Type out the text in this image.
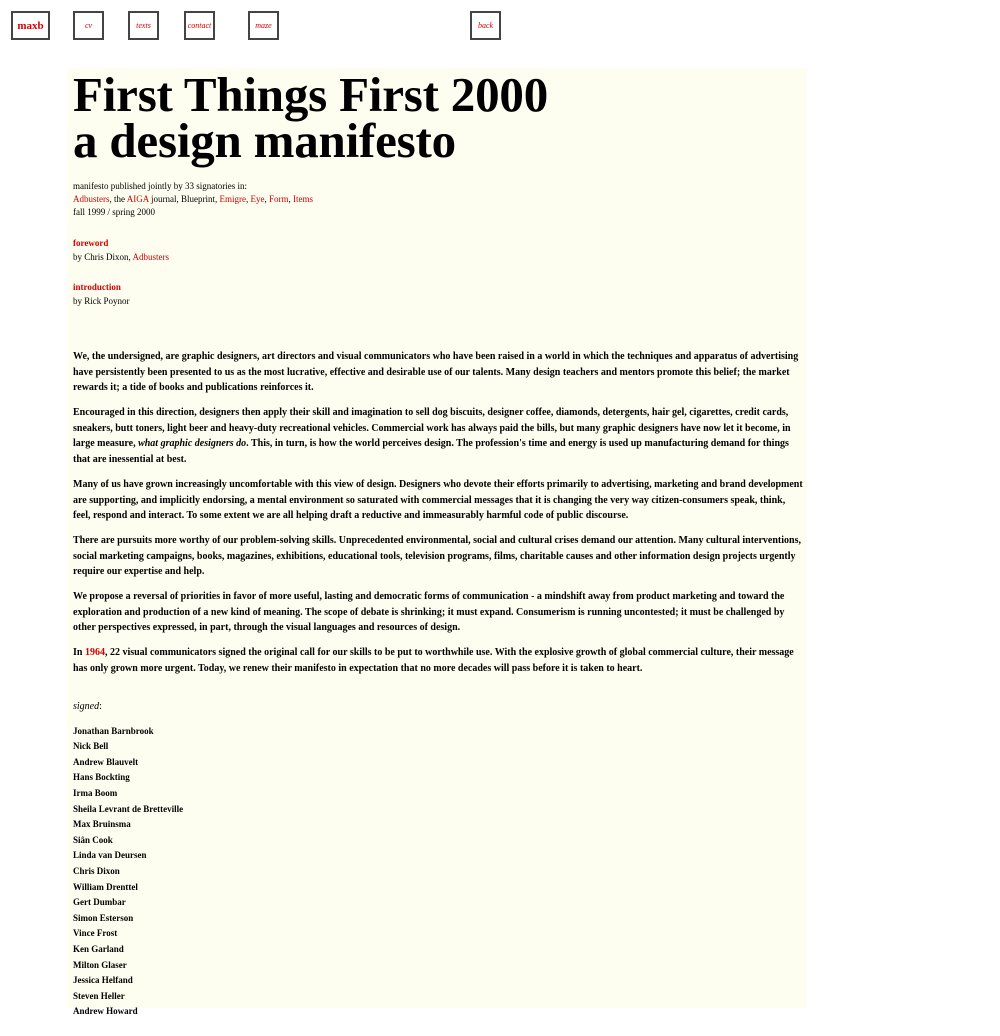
maxb	cv	texts	contact	maze	back
First Things First 2000
a design manifesto
manifesto published jointly by 33 signatories in:
Adbusters, the AIGA journal, Blueprint, Emigre, Eye, Form, Items
fall 1999 / spring 2000
foreword
by Chris Dixon, Adbusters
introduction
by Rick Poynor

We, the undersigned, are graphic designers, art directors and visual communicators who have been raised in a world in which the techniques and apparatus of advertising have persistently been presented to us as the most lucrative, effective and desirable use of our talents. Many design teachers and mentors promote this belief; the market rewards it; a tide of books and publications reinforces it.

Encouraged in this direction, designers then apply their skill and imagination to sell dog biscuits, designer coffee, diamonds, detergents, hair gel, cigarettes, credit cards, sneakers, butt toners, light beer and heavy-duty recreational vehicles. Commercial work has always paid the bills, but many graphic designers have now let it become, in large measure, what graphic designers do. This, in turn, is how the world perceives design. The profession's time and energy is used up manufacturing demand for things that are inessential at best.

Many of us have grown increasingly uncomfortable with this view of design. Designers who devote their efforts primarily to advertising, marketing and brand development are supporting, and implicitly endorsing, a mental environment so saturated with commercial messages that it is changing the very way citizen-consumers speak, think, feel, respond and interact. To some extent we are all helping draft a reductive and immeasurably harmful code of public discourse.

There are pursuits more worthy of our problem-solving skills. Unprecedented environmental, social and cultural crises demand our attention. Many cultural interventions, social marketing campaigns, books, magazines, exhibitions, educational tools, television programs, films, charitable causes and other information design projects urgently require our expertise and help.

We propose a reversal of priorities in favor of more useful, lasting and democratic forms of communication - a mindshift away from product marketing and toward the exploration and production of a new kind of meaning. The scope of debate is shrinking; it must expand. Consumerism is running uncontested; it must be challenged by other perspectives expressed, in part, through the visual languages and resources of design.

In 1964, 22 visual communicators signed the original call for our skills to be put to worthwhile use. With the explosive growth of global commercial culture, their message has only grown more urgent. Today, we renew their manifesto in expectation that no more decades will pass before it is taken to heart.

signed:
Jonathan Barnbrook
Nick Bell
Andrew Blauvelt
Hans Bockting
Irma Boom
Sheila Levrant de Bretteville
Max Bruinsma
Siân Cook
Linda van Deursen
Chris Dixon
William Drenttel
Gert Dumbar
Simon Esterson
Vince Frost
Ken Garland
Milton Glaser
Jessica Helfand
Steven Heller
Andrew Howard
